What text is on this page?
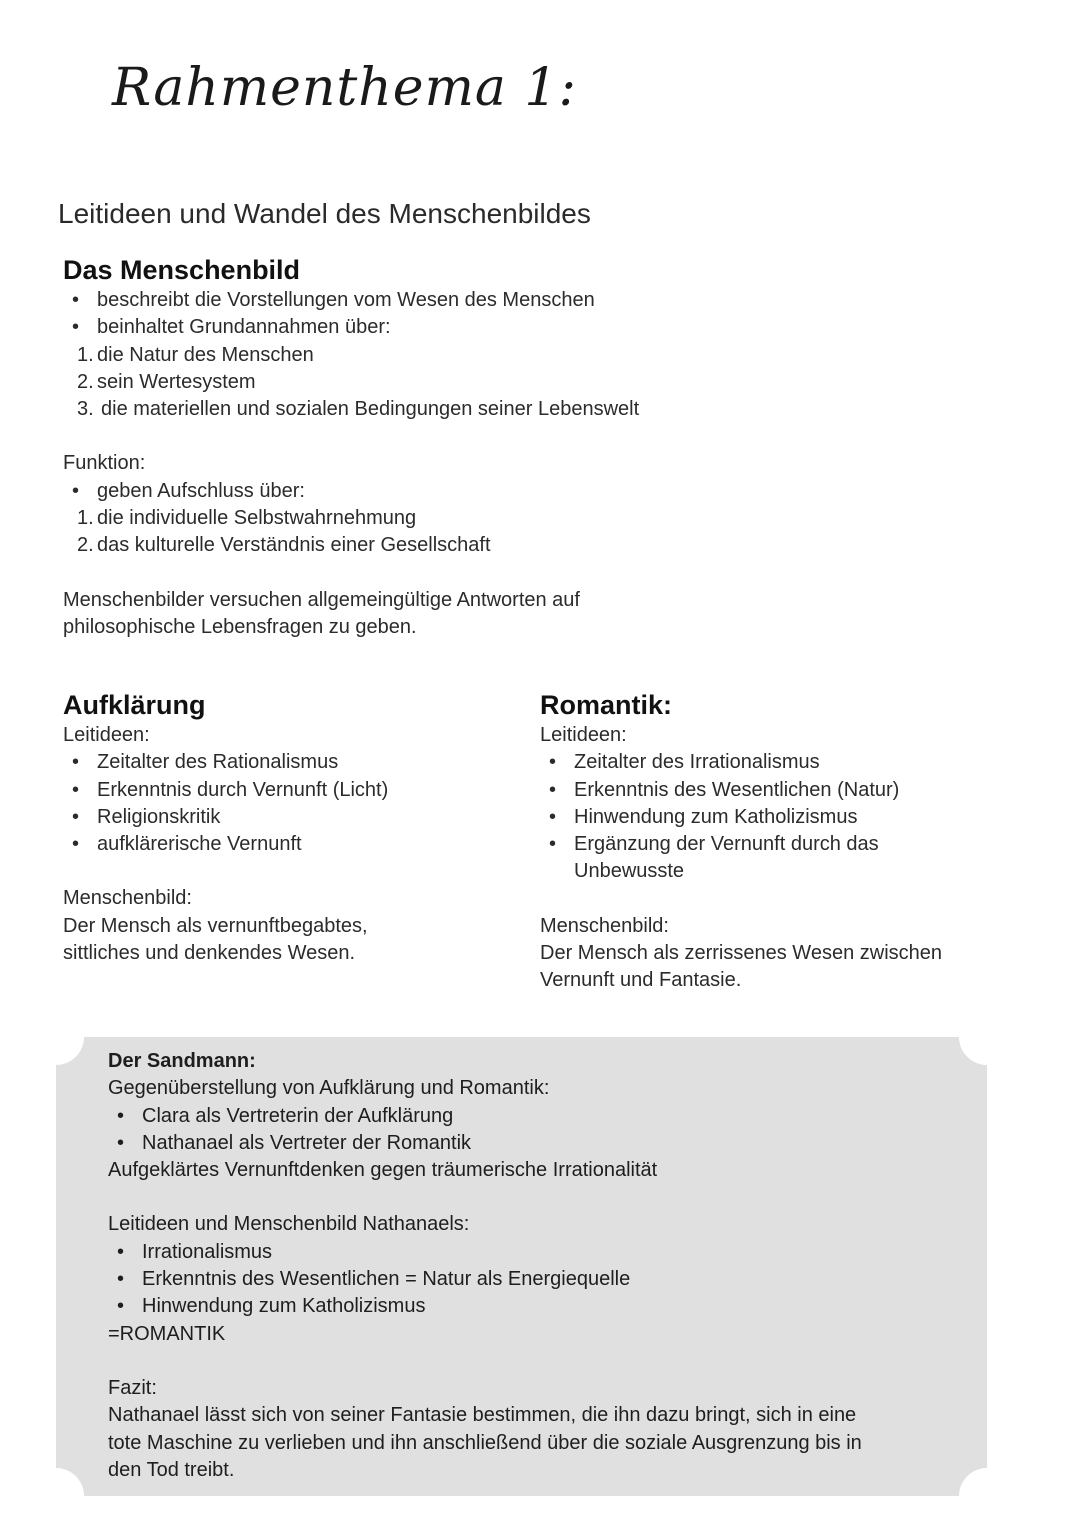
Rahmenthema 1:
Leitideen und Wandel des Menschenbildes
Das Menschenbild
• beschreibt die Vorstellungen vom Wesen des Menschen
• beinhaltet Grundannahmen über:
1. die Natur des Menschen
2. sein Wertesystem
3. die materiellen und sozialen Bedingungen seiner Lebenswelt
Funktion:
• geben Aufschluss über:
1. die individuelle Selbstwahrnehmung
2. das kulturelle Verständnis einer Gesellschaft
Menschenbilder versuchen allgemeingültige Antworten auf
philosophische Lebensfragen zu geben.
Aufklärung
Leitideen:
• Zeitalter des Rationalismus
• Erkenntnis durch Vernunft (Licht)
• Religionskritik
• aufklärerische Vernunft
Menschenbild:
Der Mensch als vernunftbegabtes,
sittliches und denkendes Wesen.
Romantik:
Leitideen:
• Zeitalter des Irrationalismus
• Erkenntnis des Wesentlichen (Natur)
• Hinwendung zum Katholizismus
• Ergänzung der Vernunft durch das
Unbewusste
Menschenbild:
Der Mensch als zerrissenes Wesen zwischen
Vernunft und Fantasie.
Der Sandmann:
Gegenüberstellung von Aufklärung und Romantik:
• Clara als Vertreterin der Aufklärung
• Nathanael als Vertreter der Romantik
Aufgeklärtes Vernunftdenken gegen träumerische Irrationalität
Leitideen und Menschenbild Nathanaels:
• Irrationalismus
• Erkenntnis des Wesentlichen = Natur als Energiequelle
• Hinwendung zum Katholizismus
=ROMANTIK
Fazit:
Nathanael lässt sich von seiner Fantasie bestimmen, die ihn dazu bringt, sich in eine
tote Maschine zu verlieben und ihn anschließend über die soziale Ausgrenzung bis in
den Tod treibt.
